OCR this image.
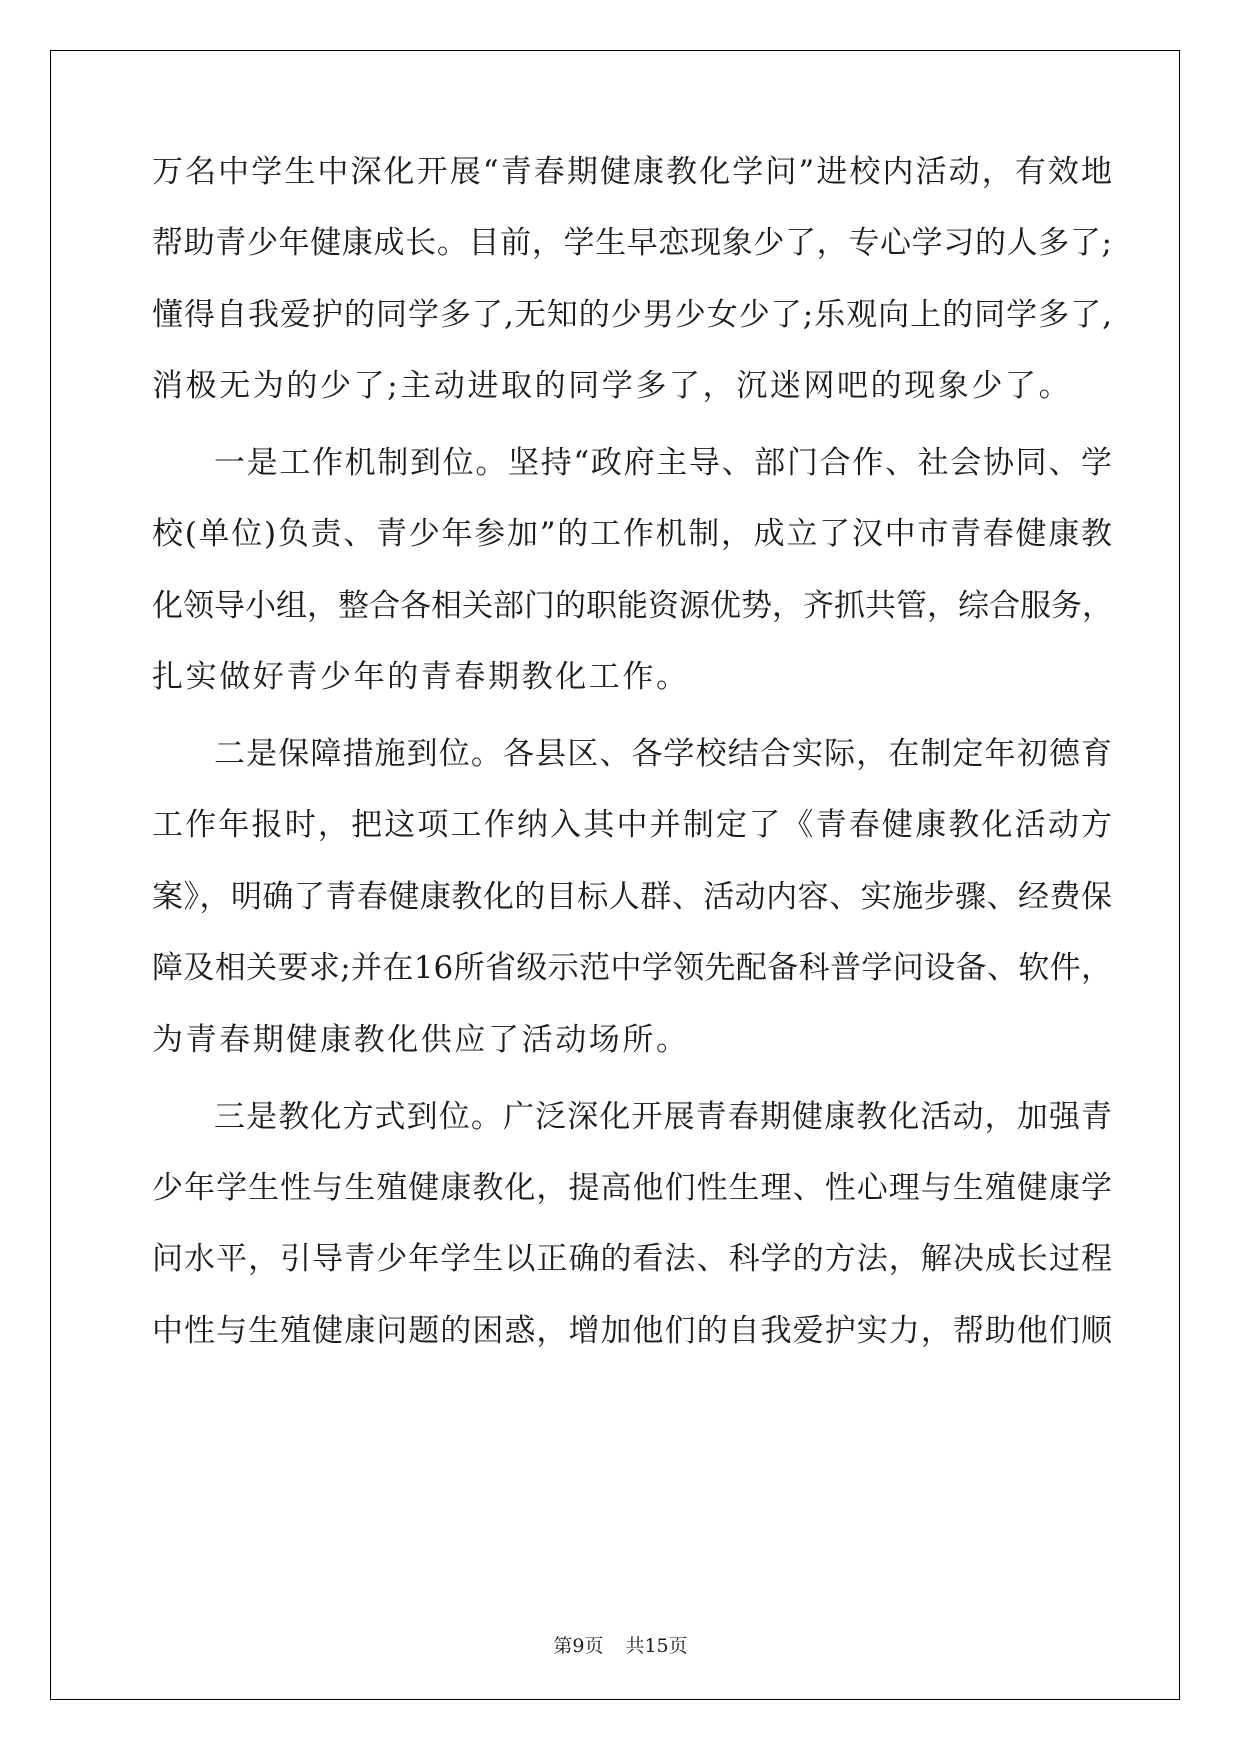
万名中学生中深化开展“青春期健康教化学问”进校内活动，有效地
帮助青少年健康成长。目前，学生早恋现象少了，专心学习的人多了;
懂得自我爱护的同学多了,无知的少男少女少了;乐观向上的同学多了,
消极无为的少了;主动进取的同学多了，沉迷网吧的现象少了。
一是工作机制到位。坚持“政府主导、部门合作、社会协同、学
校(单位)负责、青少年参加”的工作机制，成立了汉中市青春健康教
化领导小组，整合各相关部门的职能资源优势，齐抓共管，综合服务，
扎实做好青少年的青春期教化工作。
二是保障措施到位。各县区、各学校结合实际，在制定年初德育
工作年报时，把这项工作纳入其中并制定了《青春健康教化活动方
案》，明确了青春健康教化的目标人群、活动内容、实施步骤、经费保
障及相关要求;并在16所省级示范中学领先配备科普学问设备、软件，
为青春期健康教化供应了活动场所。
三是教化方式到位。广泛深化开展青春期健康教化活动，加强青
少年学生性与生殖健康教化，提高他们性生理、性心理与生殖健康学
问水平，引导青少年学生以正确的看法、科学的方法，解决成长过程
中性与生殖健康问题的困惑，增加他们的自我爱护实力，帮助他们顺
第9页 共15页
